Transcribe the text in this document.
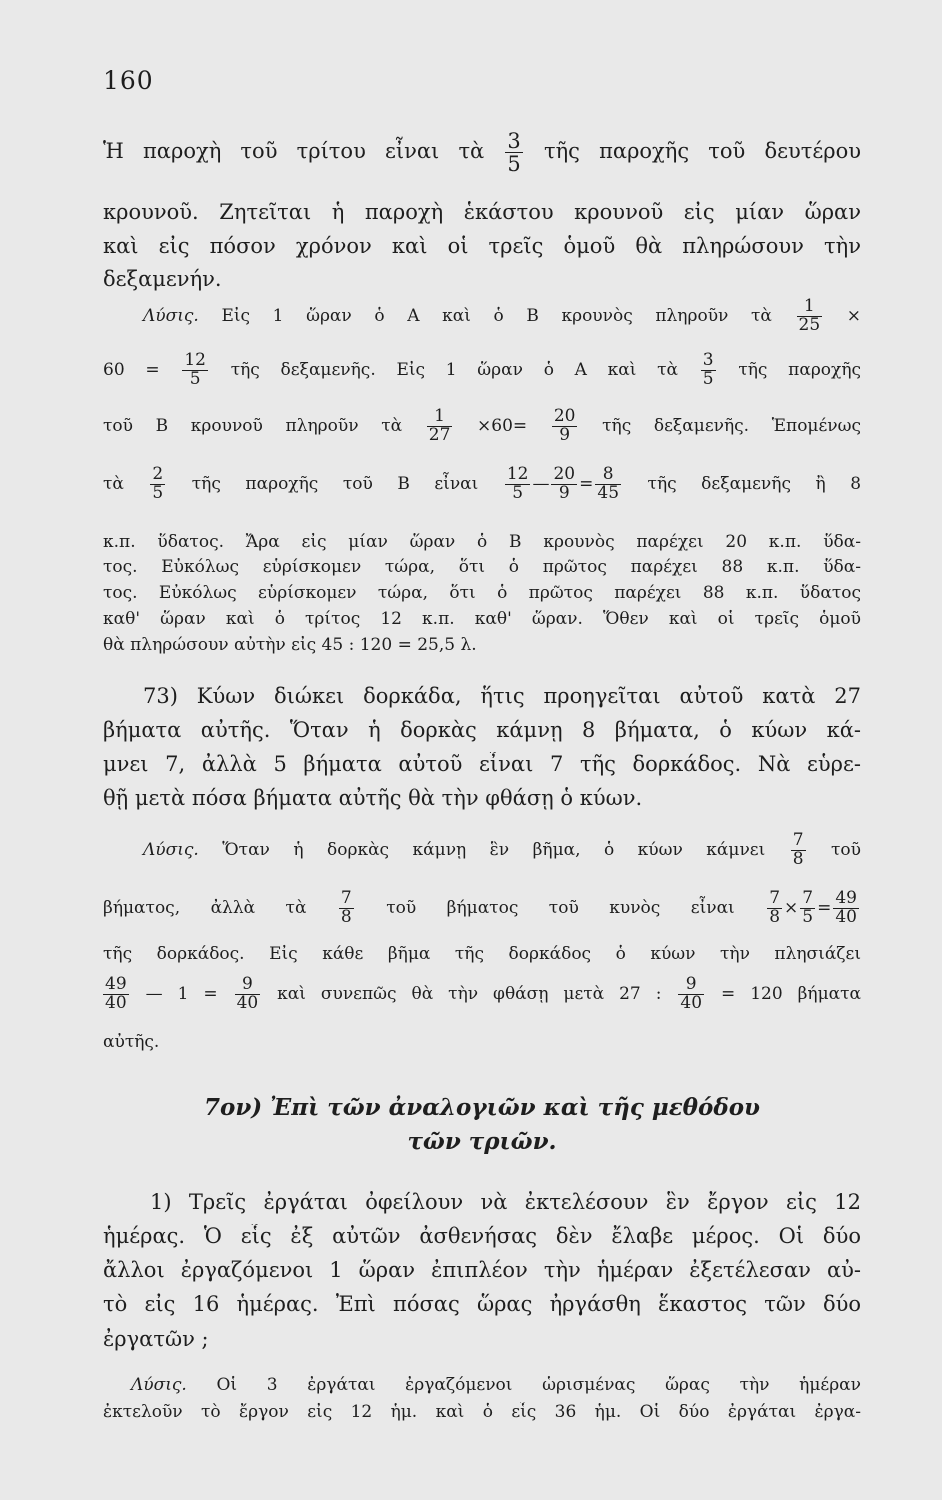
160
Ἡ παροχὴ τοῦ τρίτου εἶναι τὰ $\frac{3}{5}$ τῆς παροχῆς τοῦ δευτέρου
κρουνοῦ. Ζητεῖται ἡ παροχὴ ἑκάστου κρουνοῦ εἰς μίαν ὥραν
καὶ εἰς πόσον χρόνον καὶ οἱ τρεῖς ὁμοῦ θὰ πληρώσουν τὴν
δεξαμενήν.
Λύσις. Εἰς 1 ὥραν ὁ Α καὶ ὁ Β κρουνὸς πληροῦν τὰ $\frac{1}{25}$ ×
$60 = \frac{12}{5}$ τῆς δεξαμενῆς. Εἰς 1 ὥραν ὁ Α καὶ τὰ $\frac{3}{5}$ τῆς παροχῆς
τοῦ Β κρουνοῦ πληροῦν τὰ $\frac{1}{27} \times 60= \frac{20}{9}$ τῆς δεξαμενῆς. Ἑπομένως
τὰ $\frac{2}{5}$ τῆς παροχῆς τοῦ Β εἶναι $\frac{12}{5}$ — $\frac{20}{9} = \frac{8}{45}$ τῆς δεξαμενῆς ἢ 8
κ.π. ὕδατος. Ἄρα εἰς μίαν ὥραν ὁ Β κρουνὸς παρέχει 20 κ.π. ὕδα-
τος. Εὐκόλως εὑρίσκομεν τώρα, ὅτι ὁ πρῶτος παρέχει 88 κ.π. ὕδα-
τος. Εὐκόλως εὑρίσκομεν τώρα, ὅτι ὁ πρῶτος παρέχει 88 κ.π. ὕδατος
καθ' ὥραν καὶ ὁ τρίτος 12 κ.π. καθ' ὥραν. Ὅθεν καὶ οἱ τρεῖς ὁμοῦ
θὰ πληρώσουν αὐτὴν εἰς 45 : 120 = 25,5 λ.
73) Κύων διώκει δορκάδα, ἥτις προηγεῖται αὐτοῦ κατὰ 27
βήματα αὐτῆς. Ὅταν ἡ δορκὰς κάμνῃ 8 βήματα, ὁ κύων κά-
μνει 7, ἀλλὰ 5 βήματα αὐτοῦ εἶναι 7 τῆς δορκάδος. Νὰ εὑρε-
θῇ μετὰ πόσα βήματα αὐτῆς θὰ τὴν φθάσῃ ὁ κύων.
Λύσις. Ὅταν ἡ δορκὰς κάμνῃ ἓν βῆμα, ὁ κύων κάμνει $\frac{7}{8}$ τοῦ
βήματος, ἀλλὰ τὰ $\frac{7}{8}$ τοῦ βήματος τοῦ κυνὸς εἶναι $\frac{7}{8} \times \frac{7}{5} = \frac{49}{40}$
τῆς δορκάδος. Εἰς κάθε βῆμα τῆς δορκάδος ὁ κύων τὴν πλησιάζει
$\frac{49}{40}$ — $1 = \frac{9}{40}$ καὶ συνεπῶς θὰ τὴν φθάσῃ μετὰ 27 : $\frac{9}{40} = 120$ βήματα
αὐτῆς.
7ον) Ἐπὶ τῶν ἀναλογιῶν καὶ τῆς μεθόδου
τῶν τριῶν.
1) Τρεῖς ἐργάται ὀφείλουν νὰ ἐκτελέσουν ἓν ἔργον εἰς 12
ἡμέρας. Ὁ εἷς ἐξ αὐτῶν ἀσθενήσας δὲν ἔλαβε μέρος. Οἱ δύο
ἄλλοι ἐργαζόμενοι 1 ὥραν ἐπιπλέον τὴν ἡμέραν ἐξετέλεσαν αὐ-
τὸ εἰς 16 ἡμέρας. Ἐπὶ πόσας ὥρας ἠργάσθη ἕκαστος τῶν δύο
ἐργατῶν ;
Λύσις. Οἱ 3 ἐργάται ἐργαζόμενοι ὡρισμένας ὥρας τὴν ἡμέραν
ἐκτελοῦν τὸ ἔργον εἰς 12 ἡμ. καὶ ὁ εἷς 36 ἡμ. Οἱ δύο ἐργάται ἐργα-
